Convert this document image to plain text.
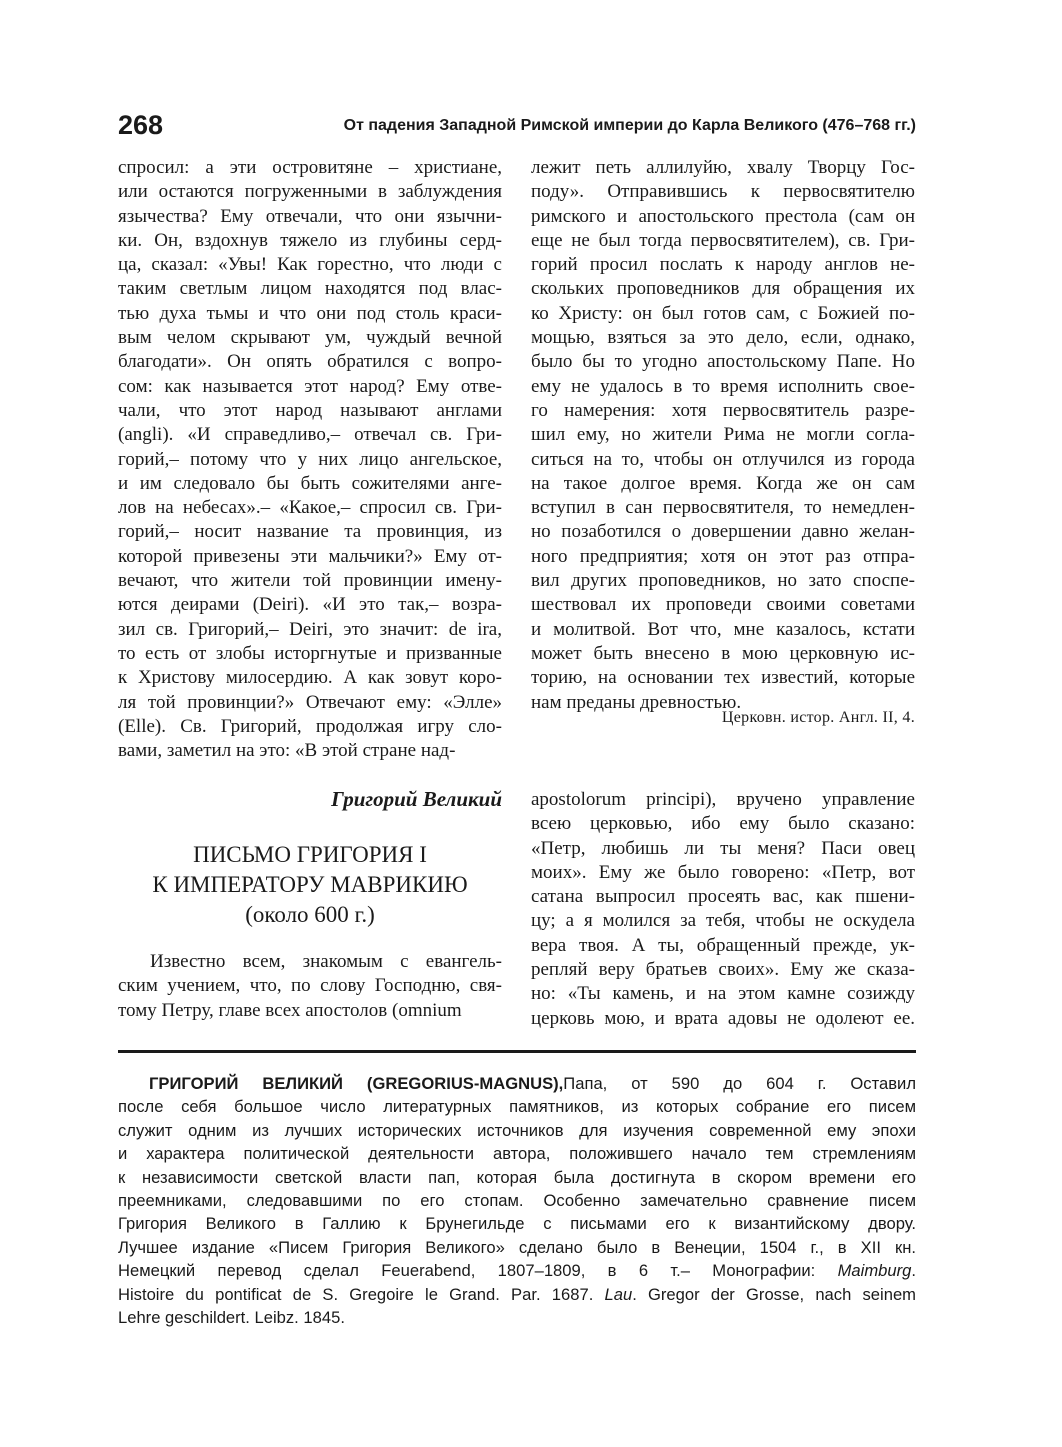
268	От падения Западной Римской империи до Карла Великого (476–768 гг.)
спросил: а эти островитяне – христиане,
или остаются погруженными в заблуждения
язычества? Ему отвечали, что они язычни-
ки. Он, вздохнув тяжело из глубины серд-
ца, сказал: «Увы! Как горестно, что люди с
таким светлым лицом находятся под влас-
тью духа тьмы и что они под столь краси-
вым челом скрывают ум, чуждый вечной
благодати». Он опять обратился с вопро-
сом: как называется этот народ? Ему отве-
чали, что этот народ называют англами
(angli). «И справедливо,– отвечал св. Гри-
горий,– потому что у них лицо ангельское,
и им следовало бы быть сожителями анге-
лов на небесах».– «Какое,– спросил св. Гри-
горий,– носит название та провинция, из
которой привезены эти мальчики?» Ему от-
вечают, что жители той провинции имену-
ются деирами (Deiri). «И это так,– возра-
зил св. Григорий,– Deiri, это значит: de ira,
то есть от злобы исторгнутые и призванные
к Христову милосердию. А как зовут коро-
ля той провинции?» Отвечают ему: «Элле»
(Elle). Св. Григорий, продолжая игру сло-
вами, заметил на это: «В этой стране над-
лежит петь аллилуйю, хвалу Творцу Гос-
поду». Отправившись к первосвятителю
римского и апостольского престола (сам он
еще не был тогда первосвятителем), св. Гри-
горий просил послать к народу англов не-
скольких проповедников для обращения их
ко Христу: он был готов сам, с Божией по-
мощью, взяться за это дело, если, однако,
было бы то угодно апостольскому Папе. Но
ему не удалось в то время исполнить свое-
го намерения: хотя первосвятитель разре-
шил ему, но жители Рима не могли согла-
ситься на то, чтобы он отлучился из города
на такое долгое время. Когда же он сам
вступил в сан первосвятителя, то немедлен-
но позаботился о довершении давно желан-
ного предприятия; хотя он этот раз отпра-
вил других проповедников, но зато споспе-
шествовал их проповеди своими советами
и молитвой. Вот что, мне казалось, кстати
может быть внесено в мою церковную ис-
торию, на основании тех известий, которые
нам преданы древностью.
Церковн. истор. Англ. II, 4.
Григорий Великий
ПИСЬМО ГРИГОРИЯ I
К ИМПЕРАТОРУ МАВРИКИЮ
(около 600 г.)
Известно всем, знакомым с евангель-
ским учением, что, по слову Господню, свя-
тому Петру, главе всех апостолов (omnium
apostolorum principi), вручено управление
всею церковью, ибо ему было сказано:
«Петр, любишь ли ты меня? Паси овец
моих». Ему же было говорено: «Петр, вот
сатана выпросил просеять вас, как пшени-
цу; а я молился за тебя, чтобы не оскудела
вера твоя. А ты, обращенный прежде, ук-
репляй веру братьев своих». Ему же сказа-
но: «Ты камень, и на этом камне созижду
церковь мою, и врата адовы не одолеют ее.
ГРИГОРИЙ ВЕЛИКИЙ (GREGORIUS-MAGNUS),Папа, от 590 до 604 г. Оставил
после себя большое число литературных памятников, из которых собрание его писем
служит одним из лучших исторических источников для изучения современной ему эпохи
и характера политической деятельности автора, положившего начало тем стремлениям
к независимости светской власти пап, которая была достигнута в скором времени его
преемниками, следовавшими по его стопам. Особенно замечательно сравнение писем
Григория Великого в Галлию к Брунегильде с письмами его к византийскому двору.
Лучшее издание «Писем Григория Великого» сделано было в Венеции, 1504 г., в XII кн.
Немецкий перевод сделал Feuerabend, 1807–1809, в 6 т.– Монографии: Maimburg.
Histoire du pontificat de S. Gregoire le Grand. Par. 1687. Lau. Gregor der Grosse, nach seinem
Lehre geschildert. Leibz. 1845.
